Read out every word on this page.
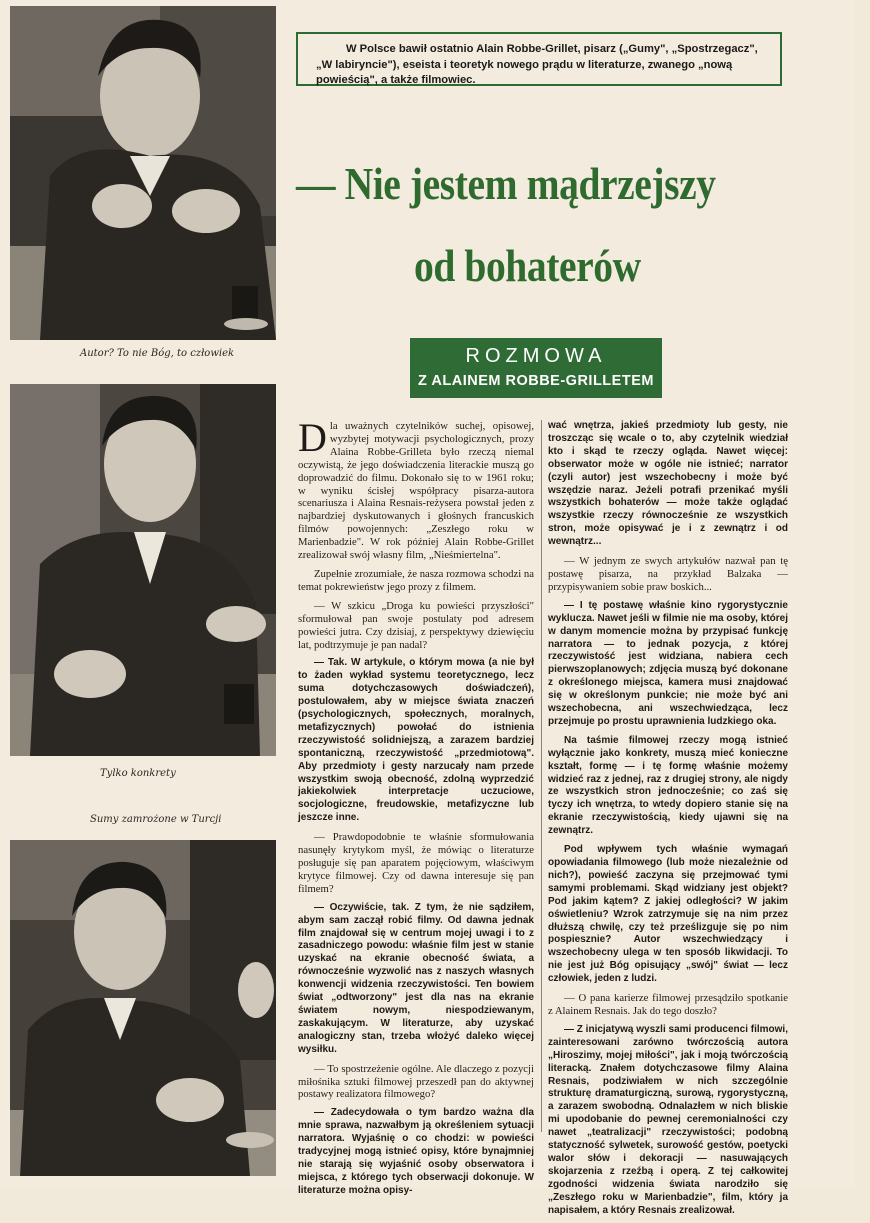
Autor? To nie Bóg, to człowiek
Tylko konkrety
Sumy zamrożone w Turcji

W Polsce bawił ostatnio Alain Robbe-Grillet, pisarz („Gumy", „Spostrzegacz", „W labiryncie"), eseista i teoretyk nowego prądu w literaturze, zwanego „nową powieścią", a także filmowiec.

— Nie jestem mądrzejszy
od bohaterów
ROZMOWA
Z ALAINEM ROBBE-GRILLETEM

Dla uważnych czytelników suchej, opisowej, wyzbytej motywacji psychologicznych, prozy Alaina Robbe-Grilleta było rzeczą niemal oczywistą, że jego doświadczenia literackie muszą go doprowadzić do filmu. Dokonało się to w 1961 roku; w wyniku ścisłej współpracy pisarza-autora scenariusza i Alaina Resnais-reżysera powstał jeden z najbardziej dyskutowanych i głośnych francuskich filmów powojennych: „Zeszłego roku w Marienbadzie". W rok później Alain Robbe-Grillet zrealizował swój własny film, „Nieśmiertelna".

Zupełnie zrozumiałe, że nasza rozmowa schodzi na temat pokrewieństw jego prozy z filmem.

— W szkicu „Droga ku powieści przyszłości" sformułował pan swoje postulaty pod adresem powieści jutra. Czy dzisiaj, z perspektywy dziewięciu lat, podtrzymuje je pan nadal?

— Tak. W artykule, o którym mowa (a nie był to żaden wykład systemu teoretycznego, lecz suma dotychczasowych doświadczeń), postulowałem, aby w miejsce świata znaczeń (psychologicznych, społecznych, moralnych, metafizycznych) powołać do istnienia rzeczywistość solidniejszą, a zarazem bardziej spontaniczną, rzeczywistość „przedmiotową". Aby przedmioty i gesty narzucały nam przede wszystkim swoją obecność, zdolną wyprzedzić jakiekolwiek interpretacje uczuciowe, socjologiczne, freudowskie, metafizyczne lub jeszcze inne.

— Prawdopodobnie te właśnie sformułowania nasunęły krytykom myśl, że mówiąc o literaturze posługuje się pan aparatem pojęciowym, właściwym krytyce filmowej. Czy od dawna interesuje się pan filmem?

— Oczywiście, tak. Z tym, że nie sądziłem, abym sam zaczął robić filmy. Od dawna jednak film znajdował się w centrum mojej uwagi i to z zasadniczego powodu: właśnie film jest w stanie uzyskać na ekranie obecność świata, a równocześnie wyzwolić nas z naszych własnych konwencji widzenia rzeczywistości. Ten bowiem świat „odtworzony" jest dla nas na ekranie światem nowym, niespodziewanym, zaskakującym. W literaturze, aby uzyskać analogiczny stan, trzeba włożyć daleko więcej wysiłku.

— To spostrzeżenie ogólne. Ale dlaczego z pozycji miłośnika sztuki filmowej przeszedł pan do aktywnej postawy realizatora filmowego?

— Zadecydowała o tym bardzo ważna dla mnie sprawa, nazwałbym ją określeniem sytuacji narratora. Wyjaśnię o co chodzi: w powieści tradycyjnej mogą istnieć opisy, które bynajmniej nie starają się wyjaśnić osoby obserwatora i miejsca, z którego tych obserwacji dokonuje. W literaturze można opisy-

wać wnętrza, jakieś przedmioty lub gesty, nie troszcząc się wcale o to, aby czytelnik wiedział kto i skąd te rzeczy ogląda. Nawet więcej: obserwator może w ogóle nie istnieć; narrator (czyli autor) jest wszechobecny i może być wszędzie naraz. Jeżeli potrafi przenikać myśli wszystkich bohaterów — może także oglądać wszystkie rzeczy równocześnie ze wszystkich stron, może opisywać je i z zewnątrz i od wewnątrz...

— W jednym ze swych artykułów nazwał pan tę postawę pisarza, na przykład Balzaka — przypisywaniem sobie praw boskich...

— I tę postawę właśnie kino rygorystycznie wyklucza. Nawet jeśli w filmie nie ma osoby, której w danym momencie można by przypisać funkcję narratora — to jednak pozycja, z której rzeczywistość jest widziana, nabiera cech pierwszoplanowych; zdjęcia muszą być dokonane z określonego miejsca, kamera musi znajdować się w określonym punkcie; nie może być ani wszechobecna, ani wszechwiedząca, lecz przejmuje po prostu uprawnienia ludzkiego oka.

Na taśmie filmowej rzeczy mogą istnieć wyłącznie jako konkrety, muszą mieć konieczne kształt, formę — i tę formę właśnie możemy widzieć raz z jednej, raz z drugiej strony, ale nigdy ze wszystkich stron jednocześnie; co zaś się tyczy ich wnętrza, to wtedy dopiero stanie się na ekranie rzeczywistością, kiedy ujawni się na zewnątrz.

Pod wpływem tych właśnie wymagań opowiadania filmowego (lub może niezależnie od nich?), powieść zaczyna się przejmować tymi samymi problemami. Skąd widziany jest objekt? Pod jakim kątem? Z jakiej odległości? W jakim oświetleniu? Wzrok zatrzymuje się na nim przez dłuższą chwilę, czy też prześlizguje się po nim pospiesznie? Autor wszechwiedzący i wszechobecny ulega w ten sposób likwidacji. To nie jest już Bóg opisujący „swój" świat — lecz człowiek, jeden z ludzi.

— O pana karierze filmowej przesądziło spotkanie z Alainem Resnais. Jak do tego doszło?

— Z inicjatywą wyszli sami producenci filmowi, zainteresowani zarówno twórczością autora „Hiroszimy, mojej miłości", jak i moją twórczością literacką. Znałem dotychczasowe filmy Alaina Resnais, podziwiałem w nich szczególnie strukturę dramaturgiczną, surową, rygorystyczną, a zarazem swobodną. Odnalazłem w nich bliskie mi upodobanie do pewnej ceremonialności czy nawet „teatralizacji" rzeczywistości; podobną statyczność sylwetek, surowość gestów, poetycki walor słów i dekoracji — nasuwających skojarzenia z rzeźbą i operą. Z tej całkowitej zgodności widzenia świata narodziło się „Zeszłego roku w Marienbadzie", film, który ja napisałem, a który Resnais zrealizował.
